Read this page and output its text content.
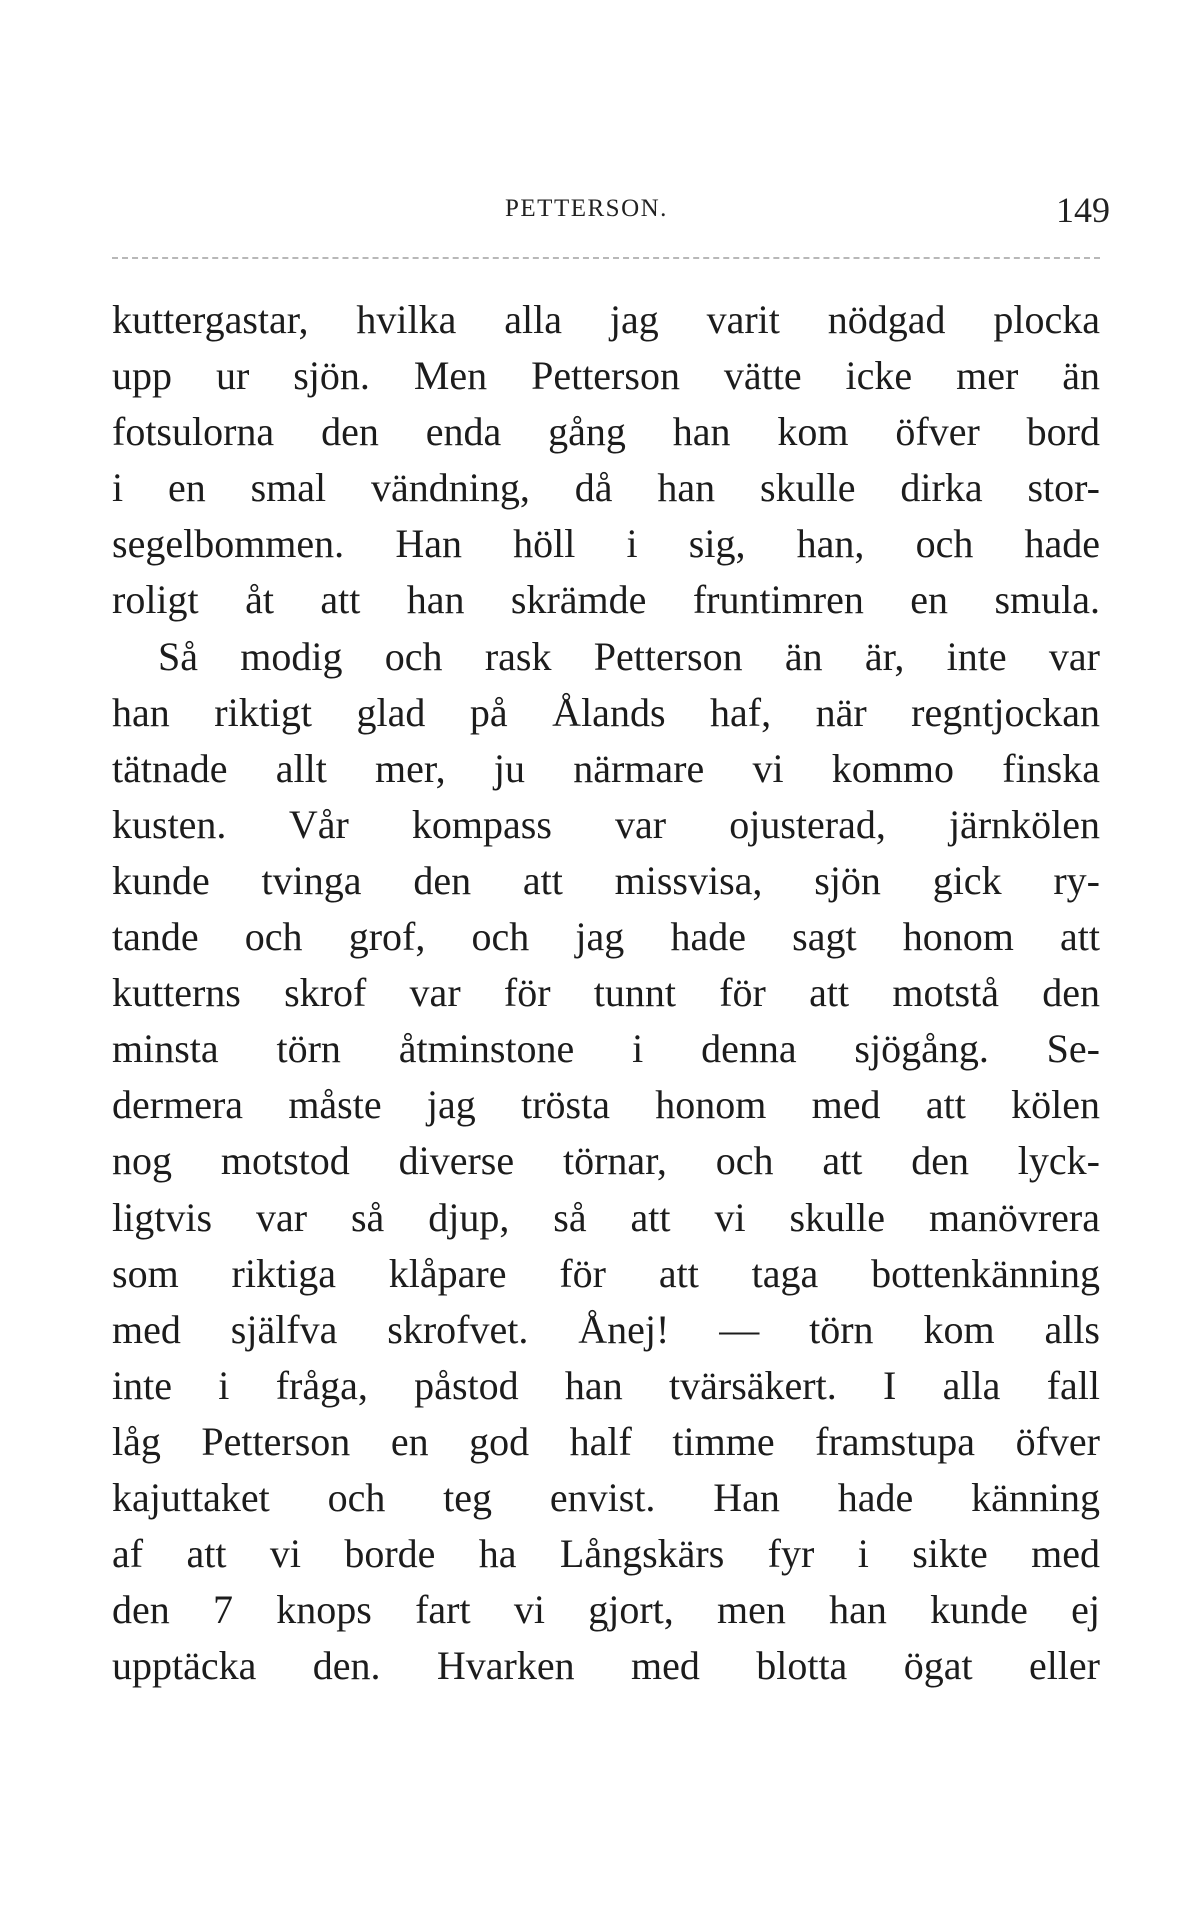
PETTERSON.	149
kuttergastar, hvilka alla jag varit nödgad plocka
upp ur sjön. Men Petterson vätte icke mer än
fotsulorna den enda gång han kom öfver bord
i en smal vändning, då han skulle dirka stor-
segelbommen. Han höll i sig, han, och hade
roligt åt att han skrämde fruntimren en smula.
Så modig och rask Petterson än är, inte var
han riktigt glad på Ålands haf, när regntjockan
tätnade allt mer, ju närmare vi kommo finska
kusten. Vår kompass var ojusterad, järnkölen
kunde tvinga den att missvisa, sjön gick ry-
tande och grof, och jag hade sagt honom att
kutterns skrof var för tunnt för att motstå den
minsta törn åtminstone i denna sjögång. Se-
dermera måste jag trösta honom med att kölen
nog motstod diverse törnar, och att den lyck-
ligtvis var så djup, så att vi skulle manövrera
som riktiga klåpare för att taga bottenkänning
med själfva skrofvet. Ånej! — törn kom alls
inte i fråga, påstod han tvärsäkert. I alla fall
låg Petterson en god half timme framstupa öfver
kajuttaket och teg envist. Han hade känning
af att vi borde ha Långskärs fyr i sikte med
den 7 knops fart vi gjort, men han kunde ej
upptäcka den. Hvarken med blotta ögat eller
